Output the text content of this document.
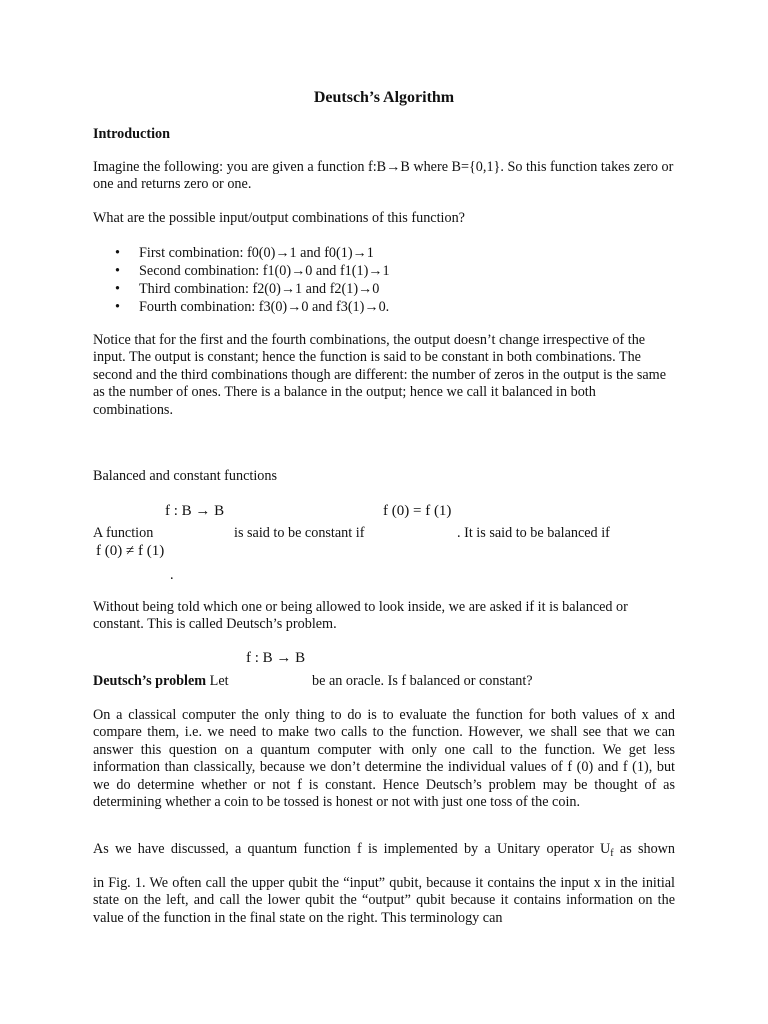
Deutsch’s Algorithm
Introduction
Imagine the following: you are given a function f:B→B where B={0,1}. So this function takes zero or one and returns zero or one.
What are the possible input/output combinations of this function?
• First combination: f0(0)→1 and f0(1)→1
• Second combination: f1(0)→0 and f1(1)→1
• Third combination: f2(0)→1 and f2(1)→0
• Fourth combination: f3(0)→0 and f3(1)→0.
Notice that for the first and the fourth combinations, the output doesn’t change irrespective of the input. The output is constant; hence the function is said to be constant in both combinations. The second and the third combinations though are different: the number of zeros in the output is the same as the number of ones. There is a balance in the output; hence we call it balanced in both combinations.
Balanced and constant functions
f : B → B	f (0) = f (1)
A function	is said to be constant if	. It is said to be balanced if
f (0) ≠ f (1)
.
Without being told which one or being allowed to look inside, we are asked if it is balanced or constant. This is called Deutsch’s problem.
f : B → B
Deutsch’s problem Let	be an oracle. Is f balanced or constant?
On a classical computer the only thing to do is to evaluate the function for both values of x and compare them, i.e. we need to make two calls to the function. However, we shall see that we can answer this question on a quantum computer with only one call to the function. We get less information than classically, because we don’t determine the individual values of f (0) and f (1), but we do determine whether or not f is constant. Hence Deutsch’s problem may be thought of as determining whether a coin to be tossed is honest or not with just one toss of the coin.
As we have discussed, a quantum function f is implemented by a Unitary operator $U_f$ as shown
in Fig. 1. We often call the upper qubit the “input” qubit, because it contains the input x in the initial state on the left, and call the lower qubit the “output” qubit because it contains information on the value of the function in the final state on the right. This terminology can
